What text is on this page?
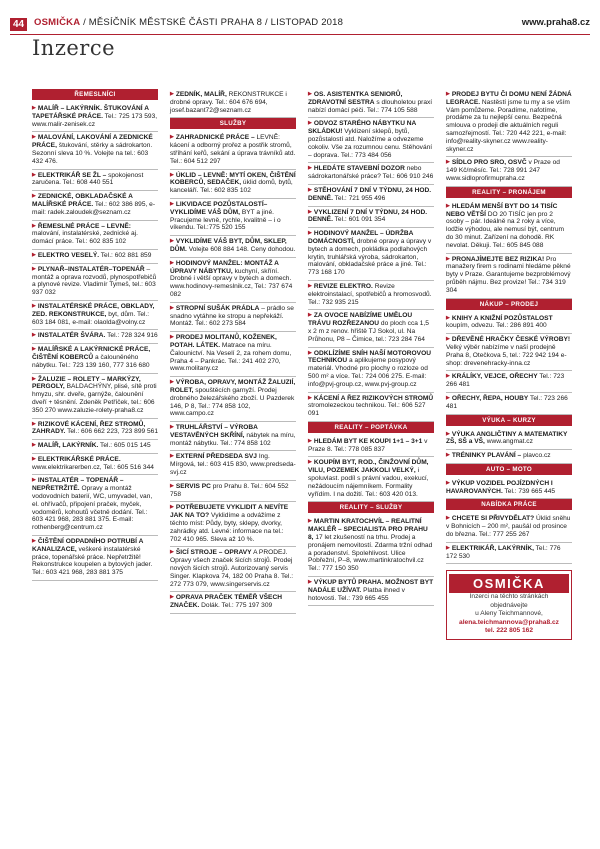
44	OSMIČKA / MĚSÍČNÍK MĚSTSKÉ ČÁSTI PRAHA 8 / LISTOPAD 2018	www.praha8.cz
Inzerce
ŘEMESLNÍCI
▶ MALÍŘ – LAKÝRNÍK. ŠTUKOVÁNÍ A TAPETÁŘSKÉ PRÁCE. Tel.: 725 173 593, www.malir-zenisek.cz
▶ MALOVÁNÍ, LAKOVÁNÍ A ZEDNICKÉ PRÁCE, štukování, stěrky a sádrokarton. Sezonní sleva 10 %. Volejte na tel.: 603 432 476.
▶ ELEKTRIKÁŘ SE ŽL – spokojenost zaručena. Tel.: 608 440 551
▶ ZEDNICKÉ, OBKLADAČSKÉ A MALÍŘSKÉ PRÁCE. Tel.: 602 386 895, e-mail: radek.zaloudek@seznam.cz
▶ ŘEMESLNÉ PRÁCE – LEVNĚ: malování, instalatérské, zednické aj. domácí práce. Tel.: 602 835 102
▶ ELEKTRO VESELÝ. Tel.: 602 881 859
▶ PLYNAŘ–INSTALATÉR–TOPENÁŘ – montáž a oprava rozvodů, plynospotřebičů a plynové revize. Vladimír Tymeš, tel.: 603 937 032
▶ INSTALATÉRSKÉ PRÁCE, OBKLADY, ZED. REKONSTRUKCE, byt, dům. Tel.: 603 184 081, e-mail: olaolda@volny.cz
▶ INSTALATÉR ŠVÁRA. Tel.: 728 324 916
▶ MALÍŘSKÉ A LAKÝRNICKÉ PRÁCE, ČIŠTĚNÍ KOBERCŮ a čalouněného nábytku. Tel.: 723 139 160, 777 316 680
▶ ŽALUZIE – ROLETY – MARKÝZY, PERGOLY, BALDACHÝNY, plisé, sítě proti hmyzu, shr. dveře, garnýže, čalounění dveří + těsnění. Zdeněk Petříček, tel.: 606 350 270 www.zaluzie-rolety-praha8.cz
▶ RIZIKOVÉ KÁCENÍ, ŘEZ STROMŮ, ZAHRADY. Tel.: 606 662 223, 723 899 561
▶ MALÍŘ, LAKÝRNÍK. Tel.: 605 015 145
▶ ELEKTRIKÁŘSKÉ PRÁCE. www.elektrikarerben.cz, Tel.: 605 516 344
▶ INSTALATÉR – TOPENÁŘ – NEPŘETRŽITĚ. Opravy a montáž vodovodních baterií, WC, umyvadel, van, el. ohřívačů, připojení praček, myček, vodoměrů, kohoutů včetně dodání. Tel.: 603 421 968, 283 881 375. E-mail: rothenberg@centrum.cz
▶ ČIŠTĚNÍ ODPADNÍHO POTRUBÍ A KANALIZACE, veškeré instalatérské práce, topenářské práce. Nepřetržitě! Rekonstrukce koupelen a bytových jader. Tel.: 603 421 968, 283 881 375
▶ ZEDNÍK, MALÍŘ, REKONSTRUKCE i drobné opravy. Tel.: 604 676 694, josef.bazant72@seznam.cz
SLUŽBY
▶ ZAHRADNICKÉ PRÁCE – LEVNĚ: kácení a odborný prořez a postřik stromů, stříhání keřů, sekání a úprava trávníků atd. Tel.: 604 512 297
▶ ÚKLID – LEVNĚ: MYTÍ OKEN, ČIŠTĚNÍ KOBERCŮ, SEDAČEK, úklid domů, bytů, kanceláří. Tel.: 602 835 102
▶ LIKVIDACE POZŮSTALOSTÍ– VYKLIDÍME VÁŠ DŮM, BYT a jiné. Pracujeme levně, rychle, kvalitně – i o víkendu. Tel.:775 520 155
▶ VYKLIDÍME VÁŠ BYT, DŮM, SKLEP, DŮM. Volejte 608 884 148. Ceny dohodou.
▶ HODINOVÝ MANŽEL: MONTÁŽ A ÚPRAVY NÁBYTKU, kuchyní, skříní. Drobné i větší opravy v bytech a domech. www.hodinovy-remeslnik.cz, Tel.: 737 674 082
▶ STROPNÍ SUŠÁK PRÁDLA – prádlo se snadno vytáhne ke stropu a nepřekáží. Montáž. Tel.: 602 273 584
▶ PRODEJ MOLITANŮ, KOŽENEK, POTAH. LÁTEK. Matrace na míru. Čalounictví. Na Veselí 2, za rohem domu, Praha 4 – Pankrác. Tel.: 241 402 270, www.molitany.cz
▶ VÝROBA, OPRAVY, MONTÁŽ ŽALUZIÍ, ROLET, spouštěcích garnyží. Prodej drobného železářského zboží. U Pazderek 146, P 8, Tel.: 774 858 102, www.campo.cz
▶ TRUHLÁŘSTVÍ – VÝROBA VESTAVĚNÝCH SKŘÍNÍ, nábytek na míru, montáž nábytku. Tel.: 774 858 102
▶ EXTERNÍ PŘEDSEDA SVJ Ing. Mírgová, tel.: 603 415 830, www.predseda-svj.cz
▶ SERVIS PC pro Prahu 8. Tel.: 604 552 758
▶ POTŘEBUJETE VYKLIDIT A NEVÍTE JAK NA TO? Vyklidíme a odvážíme z těchto míst: Půdy, byty, sklepy, dvorky, zahrádky atd. Levné: informace na tel.: 702 410 965. Sleva až 10 %.
▶ ŠICÍ STROJE – OPRAVY A PRODEJ. Opravy všech značek šicích strojů. Prodej nových šicích strojů. Autorizovaný servis Singer. Klapkova 74, 182 00 Praha 8. Tel.: 272 773 079, www.singerservis.cz
▶ OPRAVA PRAČEK TÉMĚŘ VŠECH ZNAČEK. Dolák. Tel.: 775 197 309
▶ OS. ASISTENTKA SENIORŮ, ZDRAVOTNÍ SESTRA s dlouholetou praxí nabízí domácí péči. Tel.: 774 105 588
▶ ODVOZ STARÉHO NÁBYTKU NA SKLÁDKU! Vyklizení sklepů, bytů, pozůstalostí atd. Naložíme a odvezeme cokoliv. Vše za rozumnou cenu. Stěhování – doprava. Tel.: 773 484 056
▶ HLEDÁTE STAVEBNÍ DOZOR nebo sádrokartonářské práce? Tel.: 606 910 246
▶ STĚHOVÁNÍ 7 DNÍ V TÝDNU, 24 HOD. DENNĚ. Tel.: 721 955 496
▶ VYKLIZENÍ 7 DNÍ V TÝDNU, 24 HOD. DENNĚ. Tel.: 601 091 354
▶ HODINOVÝ MANŽEL – ÚDRŽBA DOMÁCNOSTÍ, drobné opravy a úpravy v bytech a domech, pokládka podlahových krytin, truhlářská výroba, sádrokarton, malování, obkladačské práce a jiné. Tel.: 773 168 170
▶ REVIZE ELEKTRO. Revize elektroinstalací, spotřebičů a hromosvodů. Tel.: 732 935 215
▶ ZA OVOCE NABÍZÍME UMĚLOU TRÁVU ROZŘEZANOU do ploch cca 1,5 x 2 m z renov. hřiště TJ Sokol, ul. Na Průhonu, P8 – Čimice, tel.: 723 284 764
▶ ODKLÍZÍME SNÍH NAŠÍ MOTOROVOU TECHNIKOU a aplikujeme posypový materiál. Vhodné pro plochy o rozloze od 500 m² a více. Tel.: 724 006 275. E-mail: info@pvj-group.cz, www.pvj-group.cz
▶ KÁCENÍ A ŘEZ RIZIKOVÝCH STROMŮ stromolezeckou technikou. Tel.: 606 527 091
REALITY – POPTÁVKA
▶ HLEDÁM BYT KE KOUPI 1+1 – 3+1 v Praze 8. Tel.: 778 085 837
▶ KOUPÍM BYT, ROD., ČINŽOVNÍ DŮM, VILU, POZEMEK JAKKOLI VELKÝ, i spoluvlast. podíl s právní vadou, exekucí, nežádoucím nájemníkem. Formality vyřídím. I na dožití. Tel.: 603 420 013.
REALITY – SLUŽBY
▶ MARTIN KRATOCHVÍL – REALITNÍ MAKLÉŘ – SPECIALISTA PRO PRAHU 8, 17 let zkušeností na trhu. Prodej a pronájem nemovitostí. Zdarma tržní odhad a poradenství. Spolehlivost. Ulice Pobřežní, P–8, www.martinkratochvil.cz Tel.: 777 150 350
▶ VÝKUP BYTŮ PRAHA. MOŽNOST BYT NADÁLE UŽÍVAT. Platba ihned v hotovosti. Tel.: 739 665 455
▶ PRODEJ BYTU ČI DOMU NENÍ ŽÁDNÁ LEGRACE. Nastěstí jsme tu my a se vším Vám pomůžeme. Poradíme, nafotíme, prodáme za tu nejlepší cenu. Bezpečná smlouva o prodeji dle aktuálních reguli samozřejmostí. Tel.: 720 442 221, e-mail: info@reality-skyner.cz www.reality-skyner.cz
▶ SÍDLO PRO SRO, OSVČ v Praze od 149 Kč/měsíc. Tel.: 728 991 247 www.sidloprofirmupraha.cz
REALITY – PRONÁJEM
▶ HLEDÁM MENŠÍ BYT DO 14 TISÍC NEBO VĚTŠÍ DO 20 TISÍC jen pro 2 osoby – pár. Ideálně na 2 roky a více, lodžie výhodou, ale nemusí být, centrum do 30 minut. Zařízení na dohodě. RK nevolat. Děkuji. Tel.: 605 845 088
▶ PRONAJÍMEJTE BEZ RIZIKA! Pro manažery firem s rodinami hledáme pěkné byty v Praze. Garantujeme bezproblémový průběh nájmu. Bez provize! Tel.: 734 319 304
NÁKUP – PRODEJ
▶ KNIHY A KNIŽNÍ POZŮSTALOST koupím, odvezu. Tel.: 286 891 400
▶ DŘEVĚNÉ HRAČKY ČESKÉ VÝROBY! Velký výběr nabízíme v naší prodejně Praha 8, Otečkova 5, tel.: 722 942 194 e-shop: drevenehracky-inna.cz
▶ KRÁLÍKY, VEJCE, OŘECHY Tel.: 723 266 481
▶ OŘECHY, ŘEPA, HOUBY Tel.: 723 266 481
VÝUKA – KURZY
▶ VÝUKA ANGLIČTINY A MATEMATIKY ZŠ, SŠ a VŠ, www.angmat.cz
▶ TRÉNINKY PLAVÁNÍ – plavco.cz
AUTO – MOTO
▶ VÝKUP VOZIDEL POJÍZDNÝCH I HAVAROVANÝCH. Tel.: 739 665 445
NABÍDKA PRÁCE
▶ CHCETE SI PŘIVYDĚLAT? Úklid sněhu v Bohnicích – 200 m², paušál od prosince do března. Tel.: 777 255 267
▶ ELEKTRIKÁŘ, LAKÝRNÍK, Tel.: 776 172 530
OSMIČKA
Inzerci na těchto stránkách
objednávejte
u Aleny Teichmannové,
alena.teichmannova@praha8.cz
tel. 222 805 162
